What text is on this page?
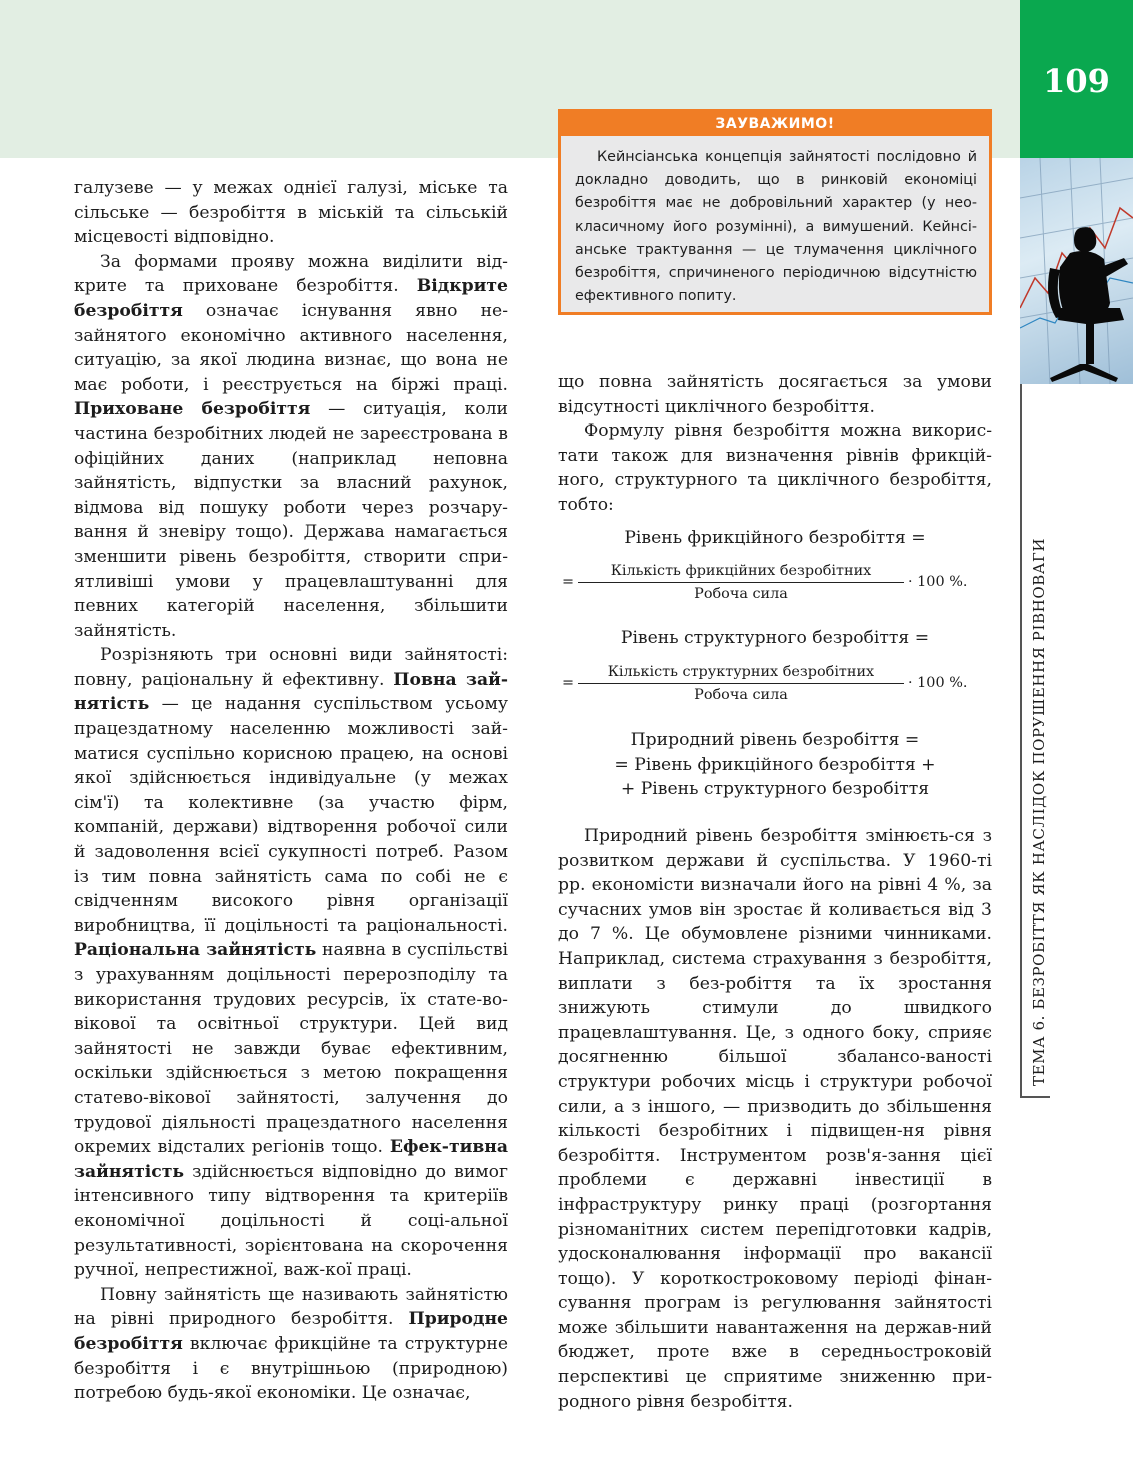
109
ТЕМА 6. БЕЗРОБІТТЯ ЯК НАСЛІДОК ПОРУШЕННЯ РІВНОВАГИ
ЗАУВАЖИМО!
Кейнсіанська концепція зайнятості послідовно й докладно доводить, що в ринковій економіці безробіття має не добровільний характер (у нео-класичному його розумінні), а вимушений. Кейнсі-анське трактування — це тлумачення циклічного безробіття, спричиненого періодичною відсутністю ефективного попиту.

галузеве — у межах однієї галузі, міське та сільське — безробіття в міській та сільській місцевості відповідно.

За формами прояву можна виділити від-крите та приховане безробіття. Відкрите безробіття означає існування явно не-зайнятого економічно активного населення, ситуацію, за якої людина визнає, що вона не має роботи, і реєструється на біржі праці. Приховане безробіття — ситуація, коли частина безробітних людей не зареєстрована в офіційних даних (наприклад неповна зайнятість, відпустки за власний рахунок, відмова від пошуку роботи через розчару-вання й зневіру тощо). Держава намагається зменшити рівень безробіття, створити спри-ятливіші умови у працевлаштуванні для певних категорій населення, збільшити зайнятість.

Розрізняють три основні види зайнятості: повну, раціональну й ефективну. Повна зай-нятість — це надання суспільством усьому працездатному населенню можливості зай-матися суспільно корисною працею, на основі якої здійснюється індивідуальне (у межах сім'ї) та колективне (за участю фірм, компаній, держави) відтворення робочої сили й задоволення всієї сукупності потреб. Разом із тим повна зайнятість сама по собі не є свідченням високого рівня організації виробництва, її доцільності та раціональності. Раціональна зайнятість наявна в суспільстві з урахуванням доцільності перерозподілу та використання трудових ресурсів, їх стате-во-вікової та освітньої структури. Цей вид зайнятості не завжди буває ефективним, оскільки здійснюється з метою покращення статево-вікової зайнятості, залучення до трудової діяльності працездатного населення окремих відсталих регіонів тощо. Ефек-тивна зайнятість здійснюється відповідно до вимог інтенсивного типу відтворення та критеріїв економічної доцільності й соці-альної результативності, зорієнтована на скорочення ручної, непрестижної, важ-кої праці.

Повну зайнятість ще називають зайнятістю на рівні природного безробіття. Природне безробіття включає фрикційне та структурне безробіття і є внутрішньою (природною) потребою будь-якої економіки. Це означає,

що повна зайнятість досягається за умови відсутності циклічного безробіття.

Формулу рівня безробіття можна викорис-тати також для визначення рівнів фрикцій-ного, структурного та циклічного безробіття, тобто:

Рівень фрикційного безробіття =
=
Кількість фрикційних безробітних
Робоча сила
· 100 %.
Рівень структурного безробіття =
=
Кількість структурних безробітних
Робоча сила
· 100 %.
Природний рівень безробіття =
= Рівень фрикційного безробіття +
+ Рівень структурного безробіття

Природний рівень безробіття змінюєть-ся з розвитком держави й суспільства. У 1960-ті рр. економісти визначали його на рівні 4 %, за сучасних умов він зростає й коливається від 3 до 7 %. Це обумовлене різними чинниками. Наприклад, система страхування з безробіття, виплати з без-робіття та їх зростання знижують стимули до швидкого працевлаштування. Це, з одного боку, сприяє досягненню більшої збалансо-ваності структури робочих місць і структури робочої сили, а з іншого, — призводить до збільшення кількості безробітних і підвищен-ня рівня безробіття. Інструментом розв'я-зання цієї проблеми є державні інвестиції в інфраструктуру ринку праці (розгортання різноманітних систем перепідготовки кадрів, удосконалювання інформації про вакансії тощо). У короткостроковому періоді фінан-сування програм із регулювання зайнятості може збільшити навантаження на держав-ний бюджет, проте вже в середньостроковій перспективі це сприятиме зниженню при-родного рівня безробіття.
